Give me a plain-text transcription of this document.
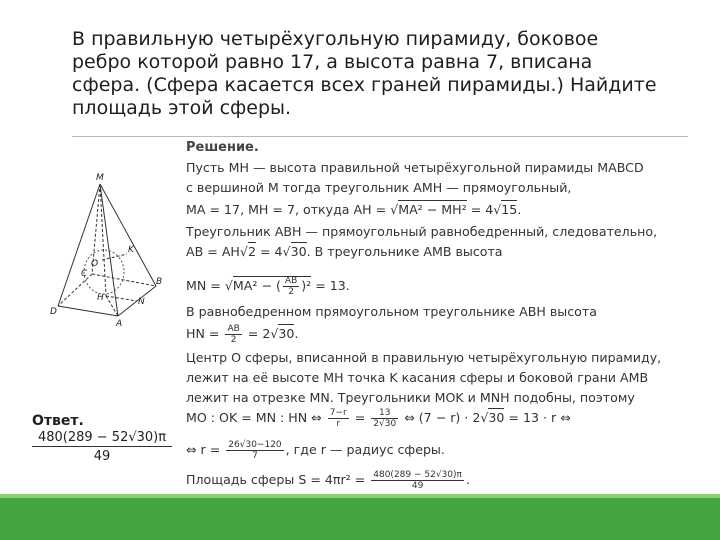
В правильную четырёхугольную пирамиду, боковое
ребро которой равно 17, а высота равна 7, вписана
сфера. (Сфера касается всех граней пирамиды.) Найдите
площадь этой сферы.
M
K
O
C
B
H	N
D
A
Решение.
Пусть MH — высота правильной четырёхугольной пирамиды MABCD
с вершиной M тогда треугольник AMH — прямоугольный,
MA = 17, MH = 7, откуда AH = √MA² − MH² = 4√15.
Треугольник ABH — прямоугольный равнобедренный, следовательно,
AB = AH√2 = 4√30. В треугольнике AMB высота
MN = √MA² − ( $\frac{AB}{2} )^2 = 13$.
В равнобедренном прямоугольном треугольнике ABH высота
HN = $\frac{AB}{2} = 2√30$.
Центр O сферы, вписанной в правильную четырёхугольную пирамиду,
лежит на её высоте MH точка K касания сферы и боковой грани AMB
лежит на отрезке MN. Треугольники MOK и MNH подобны, поэтому
MO : OK = MN : HN ⇔ $\frac{7-r}{r} = \frac{13}{2√30}$ ⇔ (7 − r) · 2√30 = 13 · r ⇔
⇔ $r = \frac{26√30-120}{7}$ , где r — радиус сферы.
Площадь сферы $S = 4\pi r^2 = \frac{480(289 - 52√30)\pi}{49}$ .
Ответ.
$\frac{480(289 - 52√30)\pi}{49}$
